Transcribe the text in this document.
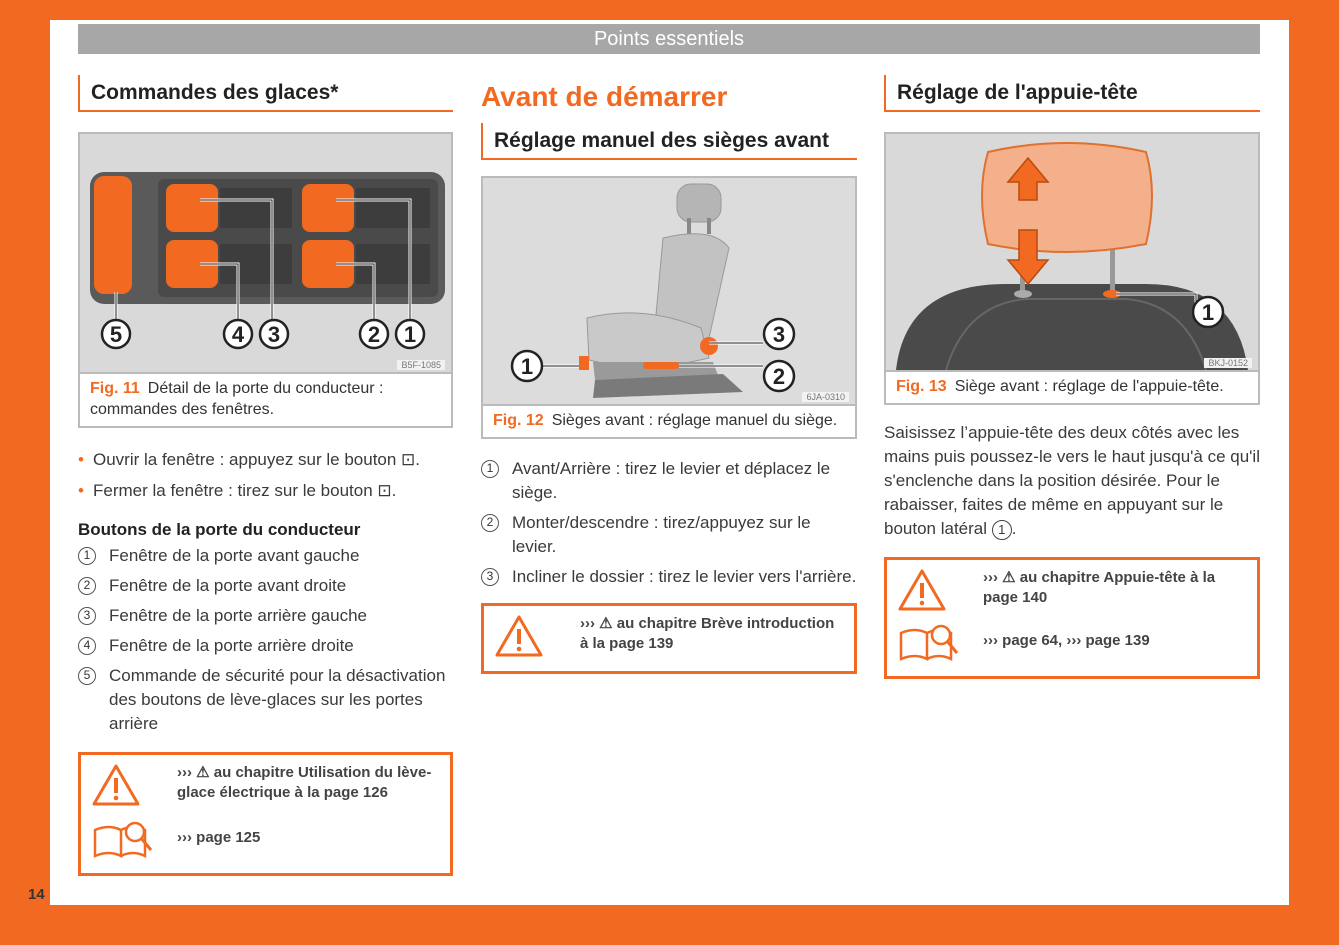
Points essentiels
Commandes des glaces*
5	4 3	2 1
B5F-1085
Fig. 11 Détail de la porte du conducteur : commandes des fenêtres.
• Ouvrir la fenêtre : appuyez sur le bouton ⊡.
• Fermer la fenêtre : tirez sur le bouton ⊡.
Boutons de la porte du conducteur
1	Fenêtre de la porte avant gauche
2	Fenêtre de la porte avant droite
3	Fenêtre de la porte arrière gauche
4	Fenêtre de la porte arrière droite
5	Commande de sécurité pour la désactivation des boutons de lève-glaces sur les portes arrière
››› ⚠ au chapitre Utilisation du lève-glace électrique à la page 126
››› page 125
Avant de démarrer
Réglage manuel des sièges avant
1	2
3
6JA-0310
Fig. 12 Sièges avant : réglage manuel du siège.
1	Avant/Arrière : tirez le levier et déplacez le siège.
2	Monter/descendre : tirez/appuyez sur le levier.
3	Incliner le dossier : tirez le levier vers l'arrière.
››› ⚠ au chapitre Brève introduction à la page 139
Réglage de l'appuie-tête
1
BKJ-0152
Fig. 13 Siège avant : réglage de l'appuie-tête.

Saisissez l’appuie-tête des deux côtés avec les mains puis poussez-le vers le haut jusqu'à ce qu'il s'enclenche dans la position désirée. Pour le rabaisser, faites de même en appuyant sur le bouton latéral 1 .

››› ⚠ au chapitre Appuie-tête à la page 140
››› page 64, ››› page 139
14
